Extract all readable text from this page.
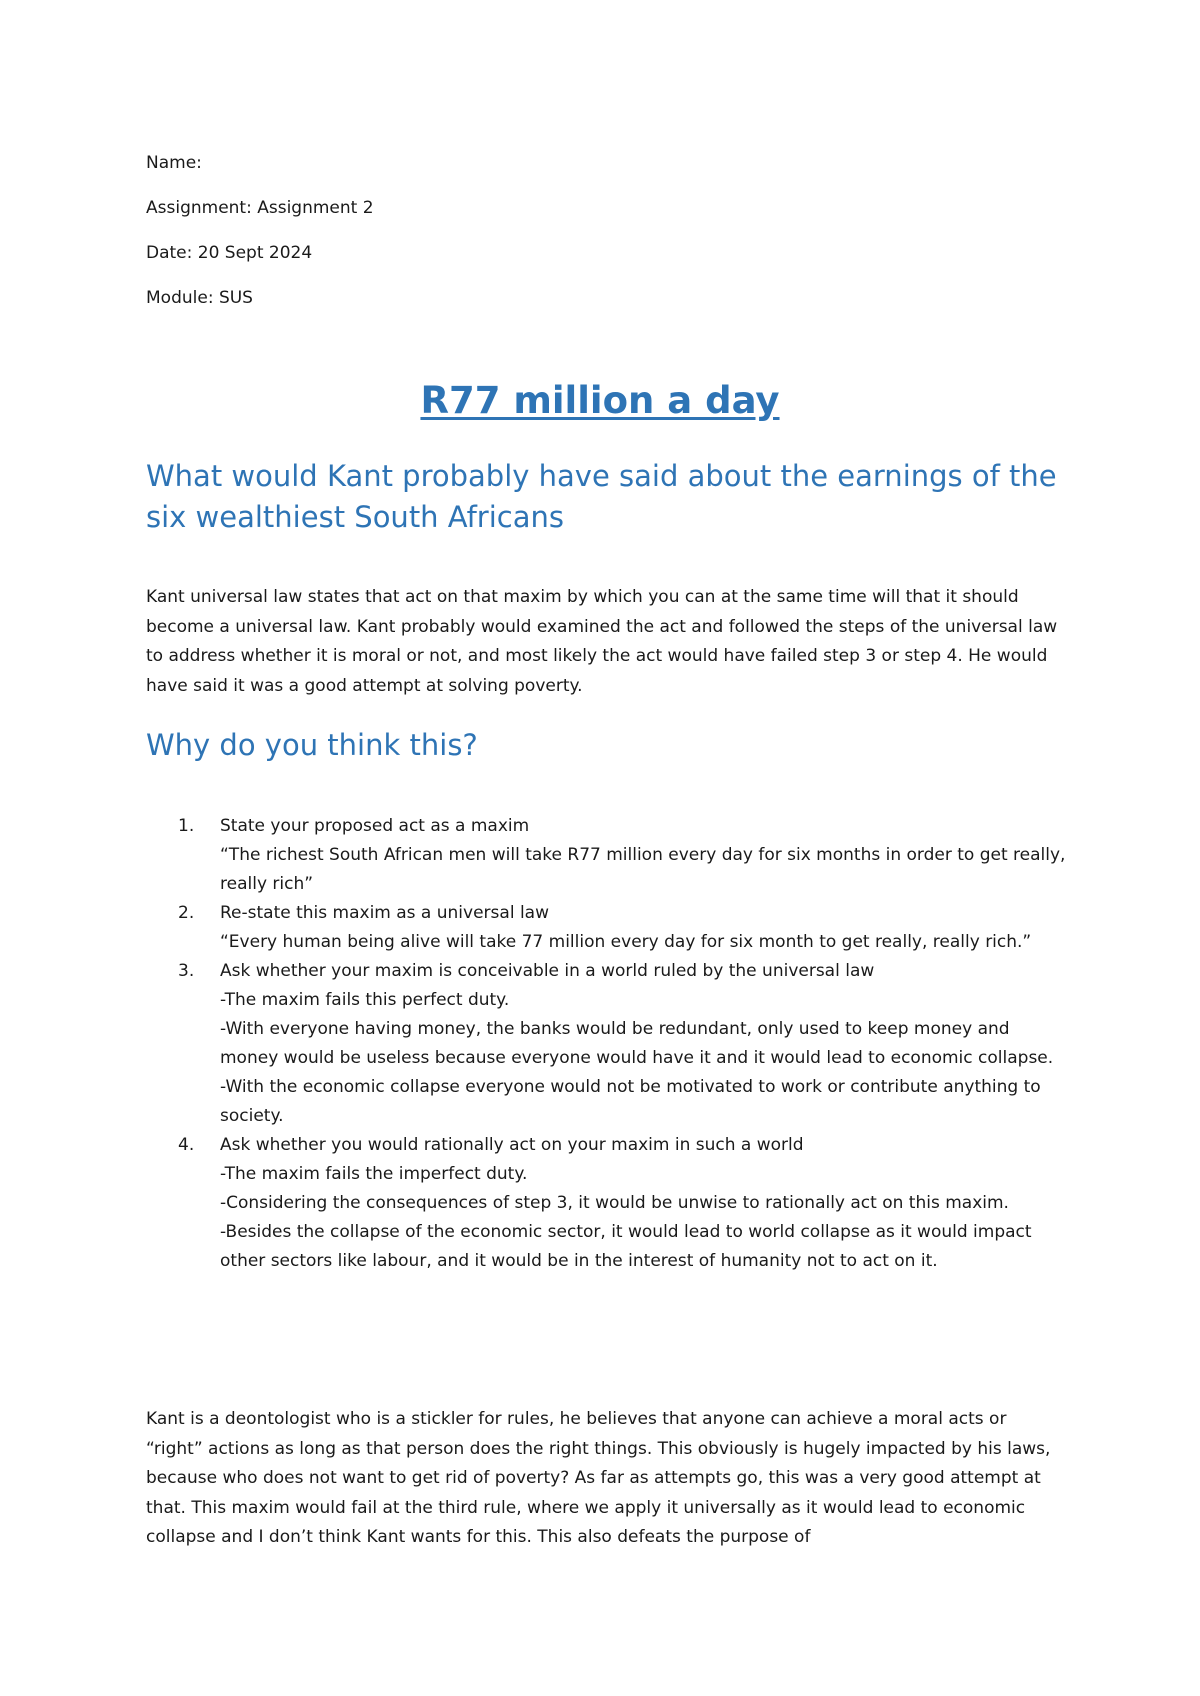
Name:
Assignment: Assignment 2
Date: 20 Sept 2024
Module: SUS
R77 million a day
What would Kant probably have said about the earnings of the six wealthiest South Africans

Kant universal law states that act on that maxim by which you can at the same time will that it should become a universal law. Kant probably would examined the act and followed the steps of the universal law to address whether it is moral or not, and most likely the act would have failed step 3 or step 4. He would have said it was a good attempt at solving poverty.

Why do you think this?
1. State your proposed act as a maxim
“The richest South African men will take R77 million every day for six months in order to get really, really rich”
2. Re-state this maxim as a universal law
“Every human being alive will take 77 million every day for six month to get really, really rich.”
3. Ask whether your maxim is conceivable in a world ruled by the universal law
-The maxim fails this perfect duty.
-With everyone having money, the banks would be redundant, only used to keep money and money would be useless because everyone would have it and it would lead to economic collapse.
-With the economic collapse everyone would not be motivated to work or contribute anything to society.
4. Ask whether you would rationally act on your maxim in such a world
-The maxim fails the imperfect duty.
-Considering the consequences of step 3, it would be unwise to rationally act on this maxim.
-Besides the collapse of the economic sector, it would lead to world collapse as it would impact other sectors like labour, and it would be in the interest of humanity not to act on it.

Kant is a deontologist who is a stickler for rules, he believes that anyone can achieve a moral acts or “right” actions as long as that person does the right things. This obviously is hugely impacted by his laws, because who does not want to get rid of poverty? As far as attempts go, this was a very good attempt at that. This maxim would fail at the third rule, where we apply it universally as it would lead to economic collapse and I don’t think Kant wants for this. This also defeats the purpose of
